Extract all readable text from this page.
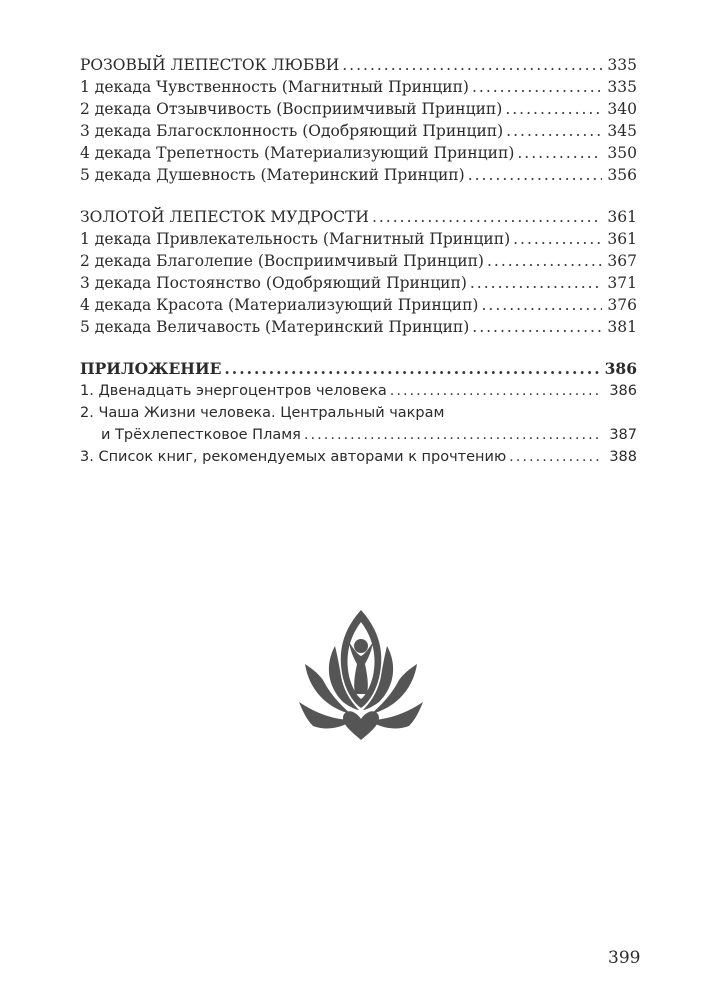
РОЗОВЫЙ ЛЕПЕСТОК ЛЮБВИ .....	335
1 декада Чувственность (Магнитный Принцип) .....	335
2 декада Отзывчивость (Восприимчивый Принцип) .....	340
3 декада Благосклонность (Одобряющий Принцип) .....	345
4 декада Трепетность (Материализующий Принцип) .....	350
5 декада Душевность (Материнский Принцип) .....	356
ЗОЛОТОЙ ЛЕПЕСТОК МУДРОСТИ .....	361
1 декада Привлекательность (Магнитный Принцип) .....	361
2 декада Благолепие (Восприимчивый Принцип) .....	367
3 декада Постоянство (Одобряющий Принцип) .....	371
4 декада Красота (Материализующий Принцип) .....	376
5 декада Величавость (Материнский Принцип) .....	381
ПРИЛОЖЕНИЕ .....	386
1. Двенадцать энергоцентров человека .....	386
2. Чаша Жизни человека. Центральный чакрам
и Трёхлепестковое Пламя .....	387
3. Список книг, рекомендуемых авторами к прочтению .....	388
399
